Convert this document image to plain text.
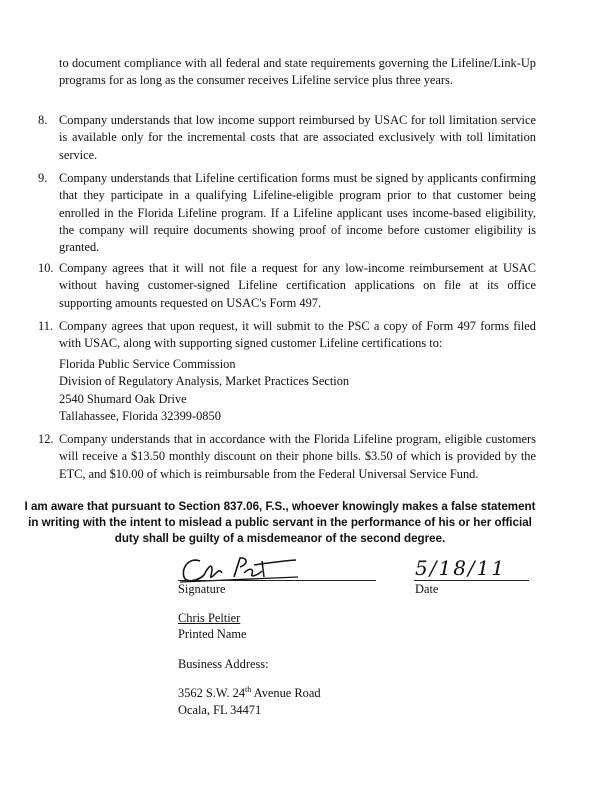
to document compliance with all federal and state requirements governing the Lifeline/Link-Up programs for as long as the consumer receives Lifeline service plus three years.
8. Company understands that low income support reimbursed by USAC for toll limitation service is available only for the incremental costs that are associated exclusively with toll limitation service.
9. Company understands that Lifeline certification forms must be signed by applicants confirming that they participate in a qualifying Lifeline-eligible program prior to that customer being enrolled in the Florida Lifeline program. If a Lifeline applicant uses income-based eligibility, the company will require documents showing proof of income before customer eligibility is granted.
10. Company agrees that it will not file a request for any low-income reimbursement at USAC without having customer-signed Lifeline certification applications on file at its office supporting amounts requested on USAC's Form 497.
11. Company agrees that upon request, it will submit to the PSC a copy of Form 497 forms filed with USAC, along with supporting signed customer Lifeline certifications to:
Florida Public Service Commission
Division of Regulatory Analysis, Market Practices Section
2540 Shumard Oak Drive
Tallahassee, Florida 32399-0850
12. Company understands that in accordance with the Florida Lifeline program, eligible customers will receive a $13.50 monthly discount on their phone bills. $3.50 of which is provided by the ETC, and $10.00 of which is reimbursable from the Federal Universal Service Fund.
I am aware that pursuant to Section 837.06, F.S., whoever knowingly makes a false statement in writing with the intent to mislead a public servant in the performance of his or her official duty shall be guilty of a misdemeanor of the second degree.
Signature
5/18/11
Date
Chris Peltier
Printed Name
Business Address:
3562 S.W. 24th Avenue Road
Ocala, FL 34471
